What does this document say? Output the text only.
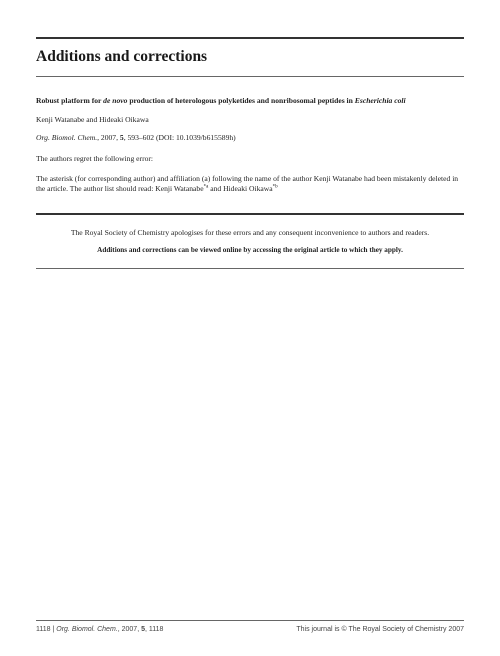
Additions and corrections
Robust platform for de novo production of heterologous polyketides and nonribosomal peptides in Escherichia coli
Kenji Watanabe and Hideaki Oikawa
Org. Biomol. Chem., 2007, 5, 593–602 (DOI: 10.1039/b615589h)
The authors regret the following error:
The asterisk (for corresponding author) and affiliation (a) following the name of the author Kenji Watanabe had been mistakenly deleted in the article. The author list should read: Kenji Watanabe$^{*a}$ and Hideaki Oikawa$^{*b}$
The Royal Society of Chemistry apologises for these errors and any consequent inconvenience to authors and readers.
Additions and corrections can be viewed online by accessing the original article to which they apply.
1118 | Org. Biomol. Chem., 2007, 5, 1118	This journal is © The Royal Society of Chemistry 2007
